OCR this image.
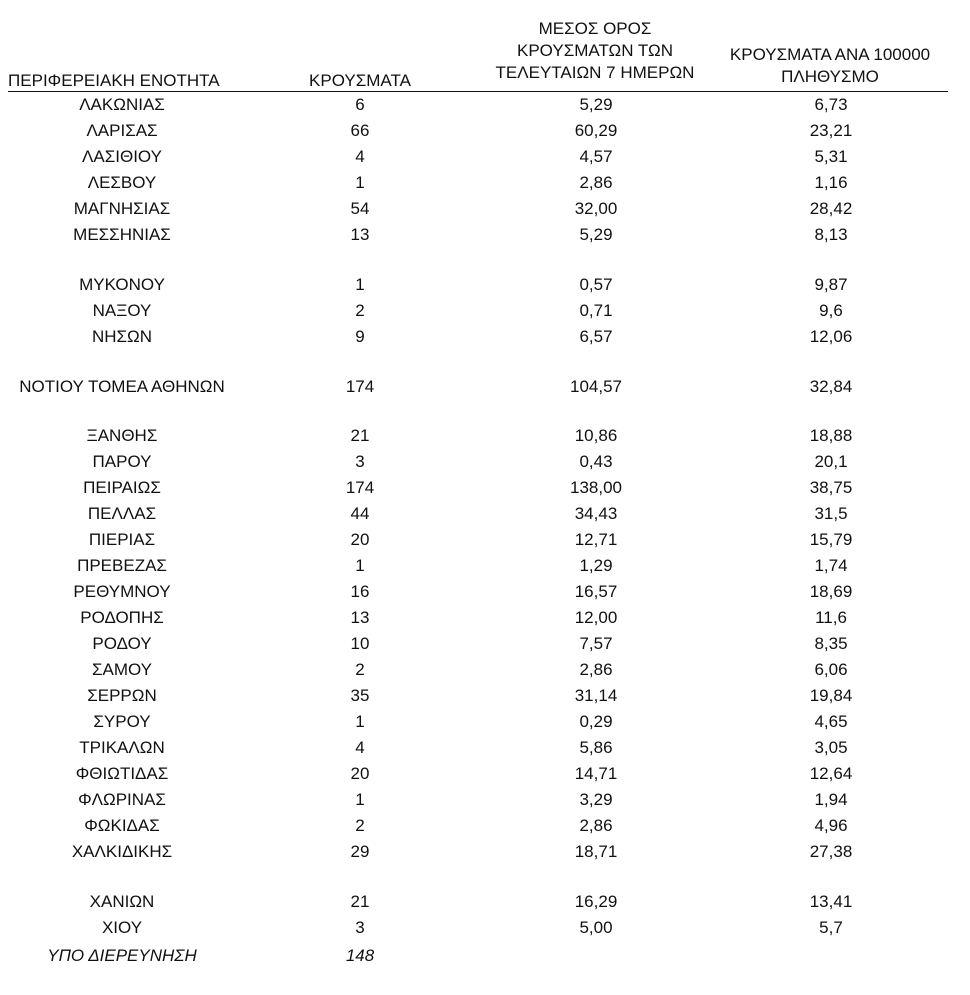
ΠΕΡΙΦΕΡΕΙΑΚΗ ΕΝΟΤΗΤΑ	ΚΡΟΥΣΜΑΤΑ
ΜΕΣΟΣ ΟΡΟΣ
ΚΡΟΥΣΜΑΤΩΝ ΤΩΝ
ΤΕΛΕΥΤΑΙΩΝ 7 ΗΜΕΡΩΝ
ΚΡΟΥΣΜΑΤΑ ΑΝΑ 100000
ΠΛΗΘΥΣΜΟ
ΛΑΚΩΝΙΑΣ	6	5,29	6,73
ΛΑΡΙΣΑΣ	66	60,29	23,21
ΛΑΣΙΘΙΟΥ	4	4,57	5,31
ΛΕΣΒΟΥ	1	2,86	1,16
ΜΑΓΝΗΣΙΑΣ	54	32,00	28,42
ΜΕΣΣΗΝΙΑΣ	13	5,29	8,13
ΜΥΚΟΝΟΥ	1	0,57	9,87
ΝΑΞΟΥ	2	0,71	9,6
ΝΗΣΩΝ	9	6,57	12,06
ΝΟΤΙΟΥ ΤΟΜΕΑ ΑΘΗΝΩΝ	174	104,57	32,84
ΞΑΝΘΗΣ	21	10,86	18,88
ΠΑΡΟΥ	3	0,43	20,1
ΠΕΙΡΑΙΩΣ	174	138,00	38,75
ΠΕΛΛΑΣ	44	34,43	31,5
ΠΙΕΡΙΑΣ	20	12,71	15,79
ΠΡΕΒΕΖΑΣ	1	1,29	1,74
ΡΕΘΥΜΝΟΥ	16	16,57	18,69
ΡΟΔΟΠΗΣ	13	12,00	11,6
ΡΟΔΟΥ	10	7,57	8,35
ΣΑΜΟΥ	2	2,86	6,06
ΣΕΡΡΩΝ	35	31,14	19,84
ΣΥΡΟΥ	1	0,29	4,65
ΤΡΙΚΑΛΩΝ	4	5,86	3,05
ΦΘΙΩΤΙΔΑΣ	20	14,71	12,64
ΦΛΩΡΙΝΑΣ	1	3,29	1,94
ΦΩΚΙΔΑΣ	2	2,86	4,96
ΧΑΛΚΙΔΙΚΗΣ	29	18,71	27,38
ΧΑΝΙΩΝ	21	16,29	13,41
ΧΙΟΥ	3	5,00	5,7
ΥΠΟ ΔΙΕΡΕΥΝΗΣΗ	148
